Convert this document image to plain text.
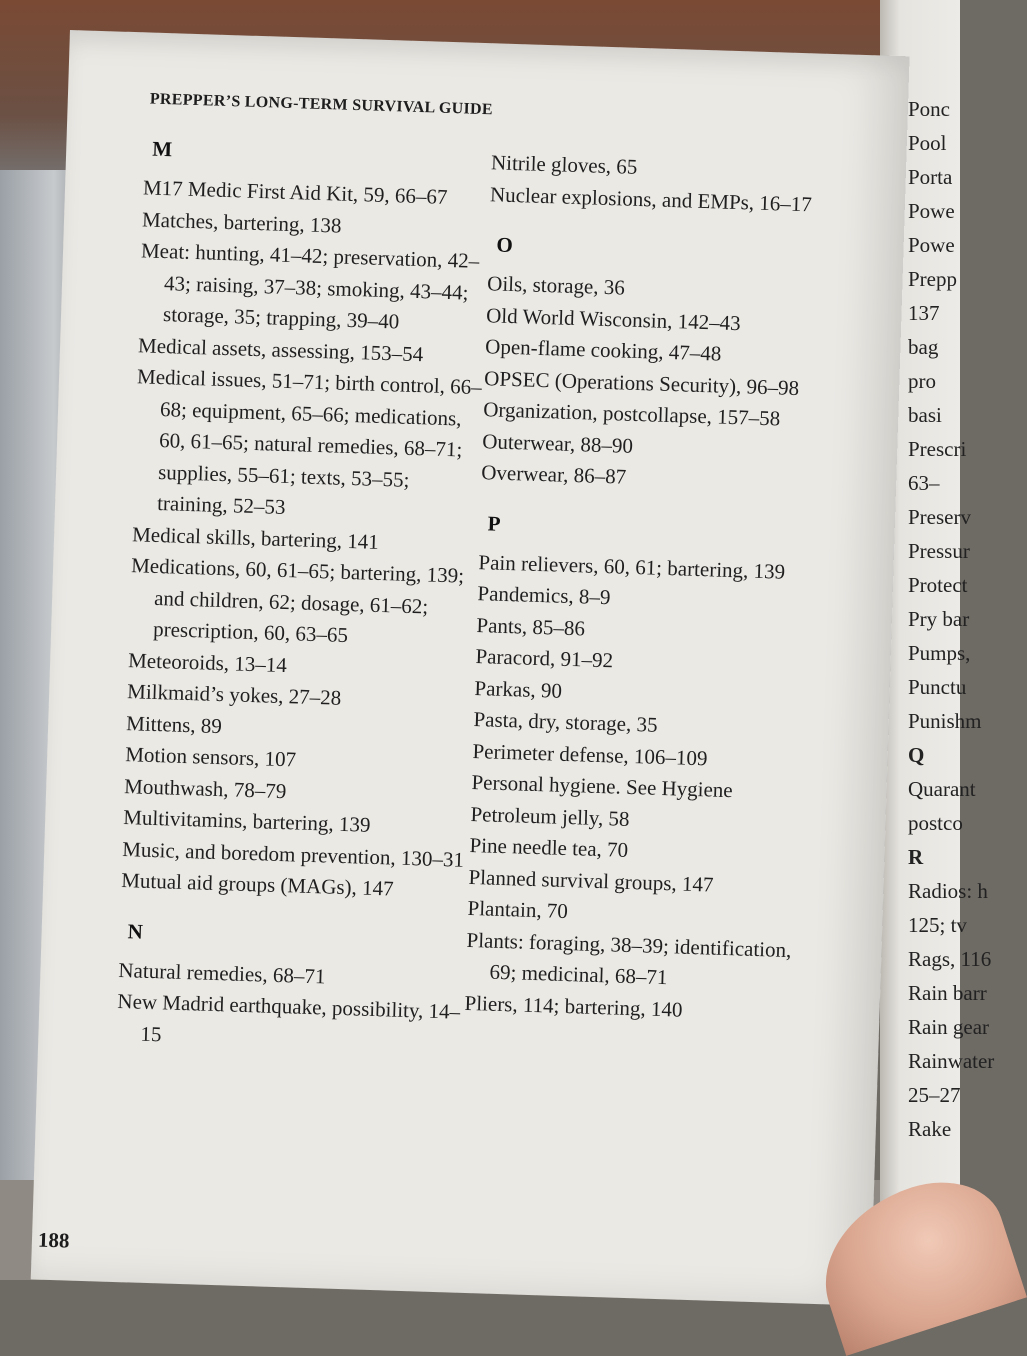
Ponc
Pool
Porta
Powe
Powe
Prepp
137
bag
pro
basi
Prescri
63–
Preserv
Pressur
Protect
Pry bar
Pumps,
Punctu
Punishm
Q
Quarant
postco
R
Radios: h
125; tv
Rags, 116
Rain barr
Rain gear
Rainwater
25–27
Rake
PREPPER’S LONG-TERM SURVIVAL GUIDE
M
M17 Medic First Aid Kit, 59, 66–67
Matches, bartering, 138
Meat: hunting, 41–42; preservation, 42–43; raising, 37–38; smoking, 43–44; storage, 35; trapping, 39–40
Medical assets, assessing, 153–54
Medical issues, 51–71; birth control, 66–68; equipment, 65–66; medications, 60, 61–65; natural remedies, 68–71; supplies, 55–61; texts, 53–55; training, 52–53
Medical skills, bartering, 141
Medications, 60, 61–65; bartering, 139; and children, 62; dosage, 61–62; prescription, 60, 63–65
Meteoroids, 13–14
Milkmaid’s yokes, 27–28
Mittens, 89
Motion sensors, 107
Mouthwash, 78–79
Multivitamins, bartering, 139
Music, and boredom prevention, 130–31
Mutual aid groups (MAGs), 147
N
Natural remedies, 68–71
New Madrid earthquake, possibility, 14–15
Nitrile gloves, 65
Nuclear explosions, and EMPs, 16–17
O
Oils, storage, 36
Old World Wisconsin, 142–43
Open-flame cooking, 47–48
OPSEC (Operations Security), 96–98
Organization, postcollapse, 157–58
Outerwear, 88–90
Overwear, 86–87
P
Pain relievers, 60, 61; bartering, 139
Pandemics, 8–9
Pants, 85–86
Paracord, 91–92
Parkas, 90
Pasta, dry, storage, 35
Perimeter defense, 106–109
Personal hygiene. See Hygiene
Petroleum jelly, 58
Pine needle tea, 70
Planned survival groups, 147
Plantain, 70
Plants: foraging, 38–39; identification, 69; medicinal, 68–71
Pliers, 114; bartering, 140
188
